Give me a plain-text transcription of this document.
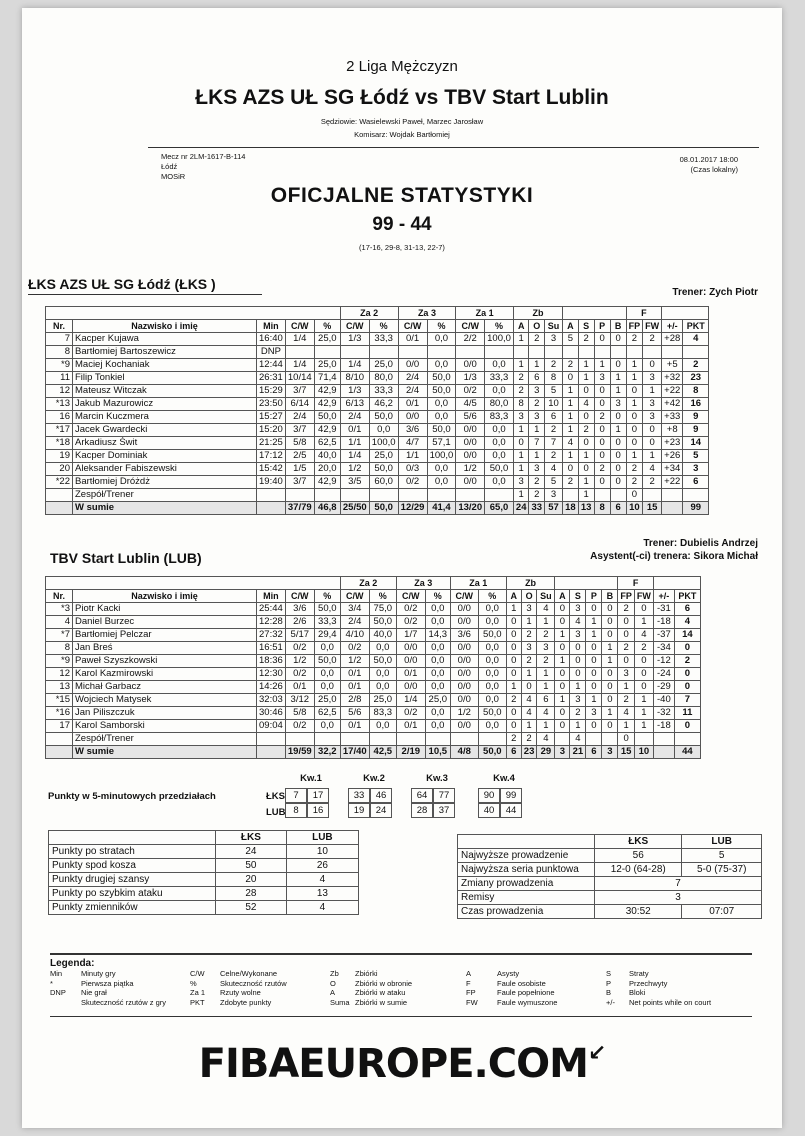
2 Liga Mężczyzn
ŁKS AZS UŁ SG Łódź vs TBV Start Lublin
Sędziowie: Wasielewski Paweł, Marzec Jarosław
Komisarz: Wojdak Bartłomiej
Mecz nr 2LM-1617-B-114
Łódź
MOSiR
08.01.2017 18:00
(Czas lokalny)
OFICJALNE STATYSTYKI
99 - 44
(17-16, 29-8, 31-13, 22-7)
ŁKS AZS UŁ SG Łódź (ŁKS )
Trener: Zych Piotr
					Za 2		Za 3		Za 1		Zb							F			
Nr.	Nazwisko i imię	Min	C/W	%	C/W	%	C/W	%	C/W	%	A	O	Su	A	S	P	B	FP	FW	+/-	PKT
7	Kacper Kujawa	16:40	1/4	25,0	1/3	33,3	0/1	0,0	2/2	100,0	1	2	3	5	2	0	0	2	2	+28	4
8	Bartłomiej Bartoszewicz	DNP																			
*9	Maciej Kochaniak	12:44	1/4	25,0	1/4	25,0	0/0	0,0	0/0	0,0	1	1	2	2	1	1	0	1	0	+5	2
11	Filip Tonkiel	26:31	10/14	71,4	8/10	80,0	2/4	50,0	1/3	33,3	2	6	8	0	1	3	1	1	3	+32	23
12	Mateusz Witczak	15:29	3/7	42,9	1/3	33,3	2/4	50,0	0/2	0,0	2	3	5	1	0	0	1	0	1	+22	8
*13	Jakub Mazurowicz	23:50	6/14	42,9	6/13	46,2	0/1	0,0	4/5	80,0	8	2	10	1	4	0	3	1	3	+42	16
16	Marcin Kuczmera	15:27	2/4	50,0	2/4	50,0	0/0	0,0	5/6	83,3	3	3	6	1	0	2	0	0	3	+33	9
*17	Jacek Gwardecki	15:20	3/7	42,9	0/1	0,0	3/6	50,0	0/0	0,0	1	1	2	1	2	0	1	0	0	+8	9
*18	Arkadiusz Świt	21:25	5/8	62,5	1/1	100,0	4/7	57,1	0/0	0,0	0	7	7	4	0	0	0	0	0	+23	14
19	Kacper Dominiak	17:12	2/5	40,0	1/4	25,0	1/1	100,0	0/0	0,0	1	1	2	1	1	0	0	1	1	+26	5
20	Aleksander Fabiszewski	15:42	1/5	20,0	1/2	50,0	0/3	0,0	1/2	50,0	1	3	4	0	0	2	0	2	4	+34	3
*22	Bartłomiej Dróżdż	19:40	3/7	42,9	3/5	60,0	0/2	0,0	0/0	0,0	3	2	5	2	1	0	0	2	2	+22	6
	Zespół/Trener										1	2	3		1			0			
	W sumie		37/79	46,8	25/50	50,0	12/29	41,4	13/20	65,0	24	33	57	18	13	8	6	10	15		99
TBV Start Lublin (LUB)
Trener: Dubielis Andrzej
Asystent(-ci) trenera: Sikora Michał
					Za 2		Za 3		Za 1		Zb							F			
Nr.	Nazwisko i imię	Min	C/W	%	C/W	%	C/W	%	C/W	%	A	O	Su	A	S	P	B	FP	FW	+/-	PKT
*3	Piotr Kacki	25:44	3/6	50,0	3/4	75,0	0/2	0,0	0/0	0,0	1	3	4	0	3	0	0	2	0	-31	6
4	Daniel Burzec	12:28	2/6	33,3	2/4	50,0	0/2	0,0	0/0	0,0	0	1	1	0	4	1	0	0	1	-18	4
*7	Bartłomiej Pelczar	27:32	5/17	29,4	4/10	40,0	1/7	14,3	3/6	50,0	0	2	2	1	3	1	0	0	4	-37	14
8	Jan Breś	16:51	0/2	0,0	0/2	0,0	0/0	0,0	0/0	0,0	0	3	3	0	0	0	1	2	2	-34	0
*9	Paweł Szyszkowski	18:36	1/2	50,0	1/2	50,0	0/0	0,0	0/0	0,0	0	2	2	1	0	0	1	0	0	-12	2
12	Karol Kazmirowski	12:30	0/2	0,0	0/1	0,0	0/1	0,0	0/0	0,0	0	1	1	0	0	0	0	3	0	-24	0
13	Michał Garbacz	14:26	0/1	0,0	0/1	0,0	0/0	0,0	0/0	0,0	1	0	1	0	1	0	0	1	0	-29	0
*15	Wojciech Matysek	32:03	3/12	25,0	2/8	25,0	1/4	25,0	0/0	0,0	2	4	6	1	3	1	0	2	1	-40	7
*16	Jan Piliszczuk	30:46	5/8	62,5	5/6	83,3	0/2	0,0	1/2	50,0	0	4	4	0	2	3	1	4	1	-32	11
17	Karol Samborski	09:04	0/2	0,0	0/1	0,0	0/1	0,0	0/0	0,0	0	1	1	0	1	0	0	1	1	-18	0
	Zespół/Trener										2	2	4		4			0			
	W sumie		19/59	32,2	17/40	42,5	2/19	10,5	4/8	50,0	6	23	29	3	21	6	3	15	10		44
Punkty w 5-minutowych przedziałach	ŁKS
LUB
Kw.1
7	17
8	16
Kw.2
33	46
19	24
Kw.3
64	77
28	37
Kw.4
90	99
40	44
	ŁKS	LUB
Punkty po stratach	24	10
Punkty spod kosza	50	26
Punkty drugiej szansy	20	4
Punkty po szybkim ataku	28	13
Punkty zmienników	52	4
	ŁKS	LUB
Najwyższe prowadzenie	56	5
Najwyższa seria punktowa	12-0 (64-28)	5-0 (75-37)
Zmiany prowadzenia	7	
Remisy	3	
Czas prowadzenia	30:52	07:07
Legenda:
Min	Minuty gry
*	Pierwsza piątka
DNP Nie grał
Skuteczność rzutów z gry
C/W Celne/Wykonane
%	Skuteczność rzutów
Za 1 Rzuty wolne
PKT Zdobyte punkty
Zb Zbiórki
O	Zbiórki w obronie
A	Zbiórki w ataku
Suma Zbiórki w sumie
A	Asysty
F	Faule osobiste
FP	Faule popełnione
FW	Faule wymuszone
S Straty
P Przechwyty
B Bloki
+/- Net points while on court
FIBAEUROPE.COM↙
